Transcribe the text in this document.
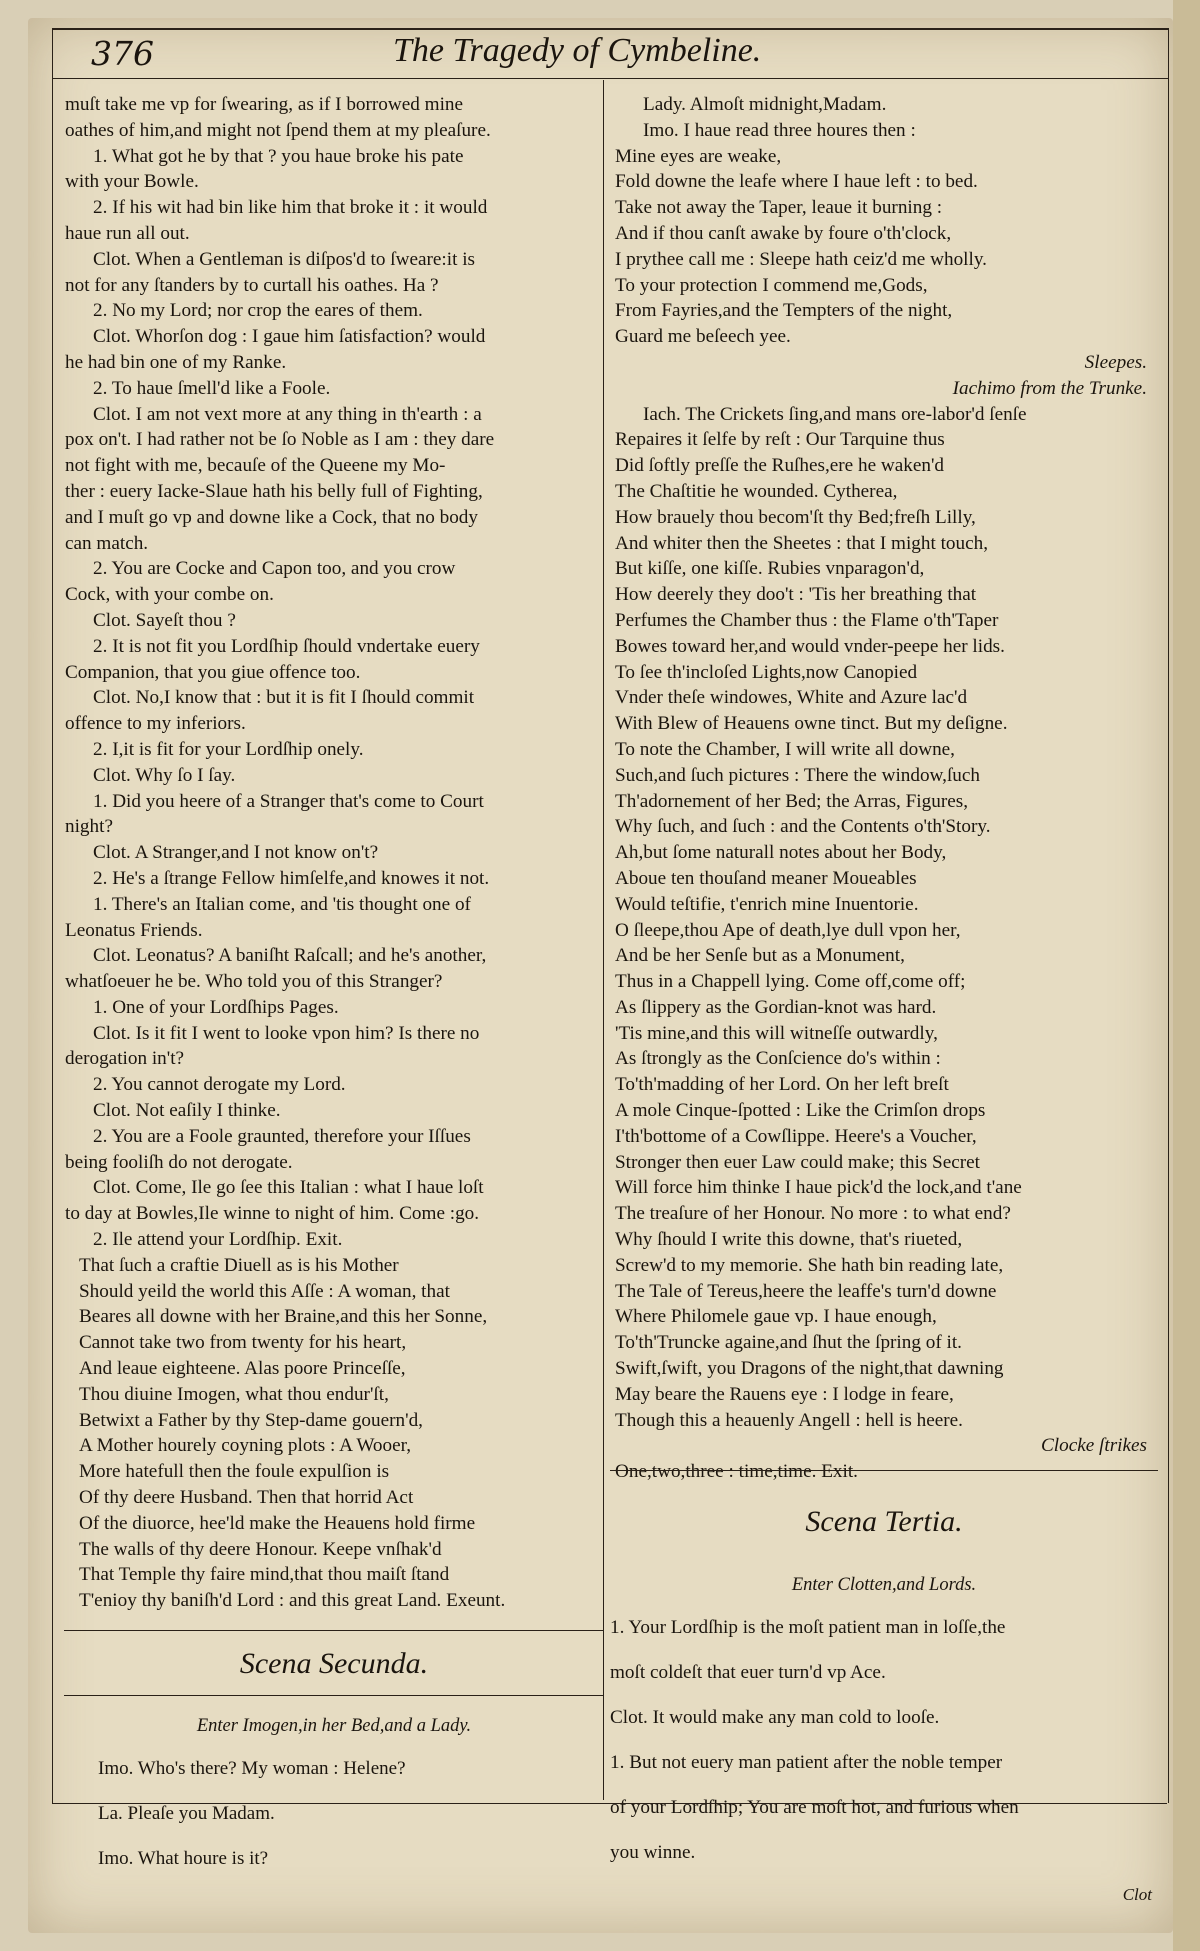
376	The Tragedy of Cymbeline.

muſt take me vp for ſwearing, as if I borrowed mine

oathes of him,and might not ſpend them at my pleaſure.

1. What got he by that ? you haue broke his pate

with your Bowle.

2. If his wit had bin like him that broke it : it would

haue run all out.

Clot. When a Gentleman is diſpos'd to ſweare:it is

not for any ſtanders by to curtall his oathes. Ha ?

2. No my Lord; nor crop the eares of them.

Clot. Whorſon dog : I gaue him ſatisfaction? would

he had bin one of my Ranke.

2. To haue ſmell'd like a Foole.

Clot. I am not vext more at any thing in th'earth : a

pox on't. I had rather not be ſo Noble as I am : they dare

not fight with me, becauſe of the Queene my Mo-

ther : euery Iacke-Slaue hath his belly full of Fighting,

and I muſt go vp and downe like a Cock, that no body

can match.

2. You are Cocke and Capon too, and you crow

Cock, with your combe on.

Clot. Sayeſt thou ?

2. It is not fit you Lordſhip ſhould vndertake euery

Companion, that you giue offence too.

Clot. No,I know that : but it is fit I ſhould commit

offence to my inferiors.

2. I,it is fit for your Lordſhip onely.

Clot. Why ſo I ſay.

1. Did you heere of a Stranger that's come to Court

night?

Clot. A Stranger,and I not know on't?

2. He's a ſtrange Fellow himſelfe,and knowes it not.

1. There's an Italian come, and 'tis thought one of

Leonatus Friends.

Clot. Leonatus? A baniſht Raſcall; and he's another,

whatſoeuer he be. Who told you of this Stranger?

1. One of your Lordſhips Pages.

Clot. Is it fit I went to looke vpon him? Is there no

derogation in't?

2. You cannot derogate my Lord.

Clot. Not eaſily I thinke.

2. You are a Foole graunted, therefore your Iſſues

being fooliſh do not derogate.

Clot. Come, Ile go ſee this Italian : what I haue loſt

to day at Bowles,Ile winne to night of him. Come :go.

2. Ile attend your Lordſhip. Exit.

That ſuch a craftie Diuell as is his Mother

Should yeild the world this Aſſe : A woman, that

Beares all downe with her Braine,and this her Sonne,

Cannot take two from twenty for his heart,

And leaue eighteene. Alas poore Princeſſe,

Thou diuine Imogen, what thou endur'ſt,

Betwixt a Father by thy Step-dame gouern'd,

A Mother hourely coyning plots : A Wooer,

More hatefull then the foule expulſion is

Of thy deere Husband. Then that horrid Act

Of the diuorce, hee'ld make the Heauens hold firme

The walls of thy deere Honour. Keepe vnſhak'd

That Temple thy faire mind,that thou maiſt ſtand

T'enioy thy baniſh'd Lord : and this great Land. Exeunt.

Scena Secunda.
Enter Imogen,in her Bed,and a Lady.

Imo. Who's there? My woman : Helene?

La. Pleaſe you Madam.

Imo. What houre is it?

Lady. Almoſt midnight,Madam.

Imo. I haue read three houres then :

Mine eyes are weake,

Fold downe the leafe where I haue left : to bed.

Take not away the Taper, leaue it burning :

And if thou canſt awake by foure o'th'clock,

I prythee call me : Sleepe hath ceiz'd me wholly.

To your protection I commend me,Gods,

From Fayries,and the Tempters of the night,

Guard me beſeech yee.

Sleepes.

Iachimo from the Trunke.

Iach. The Crickets ſing,and mans ore-labor'd ſenſe

Repaires it ſelfe by reſt : Our Tarquine thus

Did ſoftly preſſe the Ruſhes,ere he waken'd

The Chaſtitie he wounded. Cytherea,

How brauely thou becom'ſt thy Bed;freſh Lilly,

And whiter then the Sheetes : that I might touch,

But kiſſe, one kiſſe. Rubies vnparagon'd,

How deerely they doo't : 'Tis her breathing that

Perfumes the Chamber thus : the Flame o'th'Taper

Bowes toward her,and would vnder-peepe her lids.

To ſee th'incloſed Lights,now Canopied

Vnder theſe windowes, White and Azure lac'd

With Blew of Heauens owne tinct. But my deſigne.

To note the Chamber, I will write all downe,

Such,and ſuch pictures : There the window,ſuch

Th'adornement of her Bed; the Arras, Figures,

Why ſuch, and ſuch : and the Contents o'th'Story.

Ah,but ſome naturall notes about her Body,

Aboue ten thouſand meaner Moueables

Would teſtifie, t'enrich mine Inuentorie.

O ſleepe,thou Ape of death,lye dull vpon her,

And be her Senſe but as a Monument,

Thus in a Chappell lying. Come off,come off;

As ſlippery as the Gordian-knot was hard.

'Tis mine,and this will witneſſe outwardly,

As ſtrongly as the Conſcience do's within :

To'th'madding of her Lord. On her left breſt

A mole Cinque-ſpotted : Like the Crimſon drops

I'th'bottome of a Cowſlippe. Heere's a Voucher,

Stronger then euer Law could make; this Secret

Will force him thinke I haue pick'd the lock,and t'ane

The treaſure of her Honour. No more : to what end?

Why ſhould I write this downe, that's riueted,

Screw'd to my memorie. She hath bin reading late,

The Tale of Tereus,heere the leaffe's turn'd downe

Where Philomele gaue vp. I haue enough,

To'th'Truncke againe,and ſhut the ſpring of it.

Swift,ſwift, you Dragons of the night,that dawning

May beare the Rauens eye : I lodge in feare,

Though this a heauenly Angell : hell is heere.

Clocke ſtrikes

One,two,three : time,time. Exit.

Scena Tertia.
Enter Clotten,and Lords.

1. Your Lordſhip is the moſt patient man in loſſe,the

moſt coldeſt that euer turn'd vp Ace.

Clot. It would make any man cold to looſe.

1. But not euery man patient after the noble temper

of your Lordſhip; You are moſt hot, and furious when

you winne.

Clot
